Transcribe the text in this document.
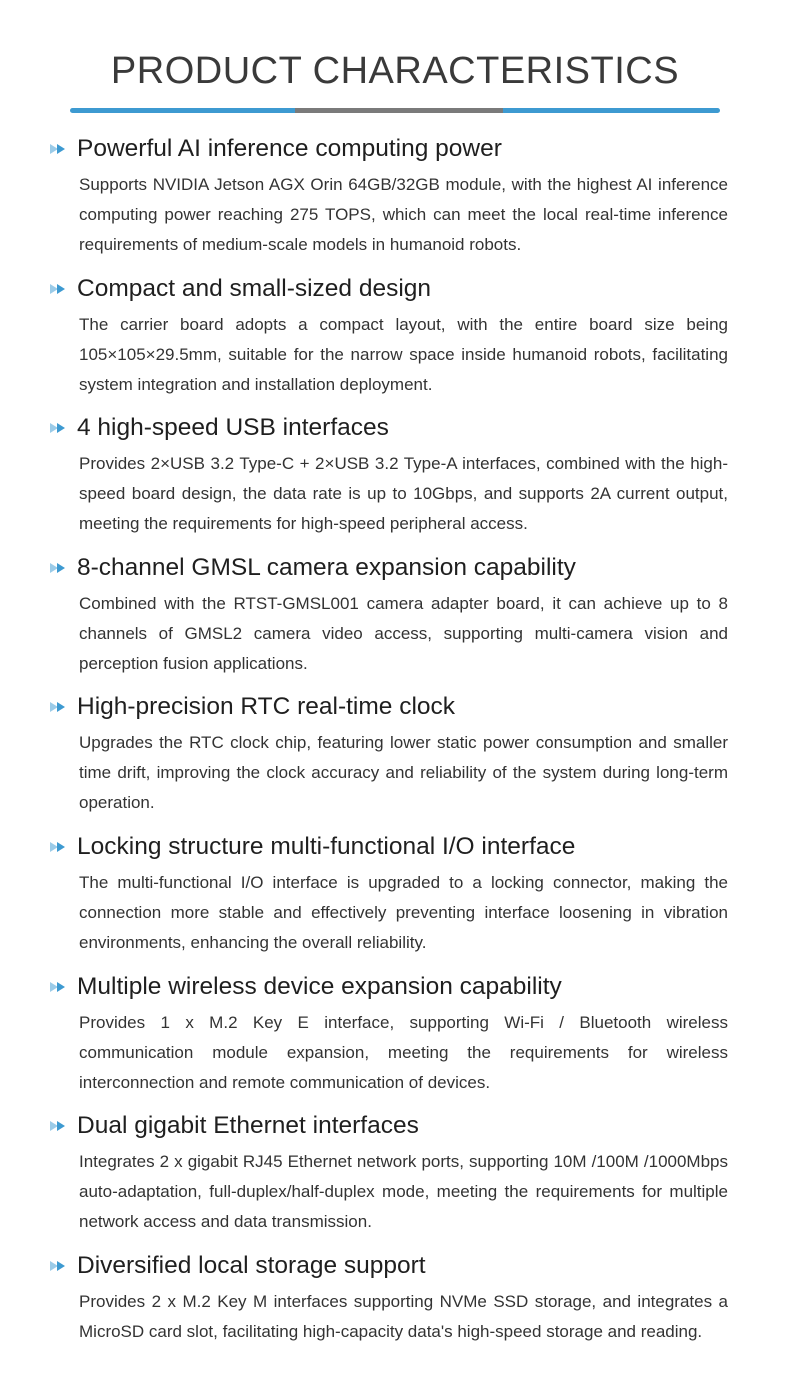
PRODUCT CHARACTERISTICS
Powerful AI inference computing power

Supports NVIDIA Jetson AGX Orin 64GB/32GB module, with the highest AI inference computing power reaching 275 TOPS, which can meet the local real-time inference requirements of medium-scale models in humanoid robots.

Compact and small-sized design

The carrier board adopts a compact layout, with the entire board size being 105×105×29.5mm, suitable for the narrow space inside humanoid robots, facilitating system integration and installation deployment.

4 high-speed USB interfaces

Provides 2×USB 3.2 Type-C + 2×USB 3.2 Type-A interfaces, combined with the high-speed board design, the data rate is up to 10Gbps, and supports 2A current output, meeting the requirements for high-speed peripheral access.

8-channel GMSL camera expansion capability

Combined with the RTST-GMSL001 camera adapter board, it can achieve up to 8 channels of GMSL2 camera video access, supporting multi-camera vision and perception fusion applications.

High-precision RTC real-time clock

Upgrades the RTC clock chip, featuring lower static power consumption and smaller time drift, improving the clock accuracy and reliability of the system during long-term operation.

Locking structure multi-functional I/O interface

The multi-functional I/O interface is upgraded to a locking connector, making the connection more stable and effectively preventing interface loosening in vibration environments, enhancing the overall reliability.

Multiple wireless device expansion capability

Provides 1 x M.2 Key E interface, supporting Wi-Fi / Bluetooth wireless communication module expansion, meeting the requirements for wireless interconnection and remote communication of devices.

Dual gigabit Ethernet interfaces

Integrates 2 x gigabit RJ45 Ethernet network ports, supporting 10M /100M /1000Mbps auto-adaptation, full-duplex/half-duplex mode, meeting the requirements for multiple network access and data transmission.

Diversified local storage support

Provides 2 x M.2 Key M interfaces supporting NVMe SSD storage, and integrates a MicroSD card slot, facilitating high-capacity data's high-speed storage and reading.
